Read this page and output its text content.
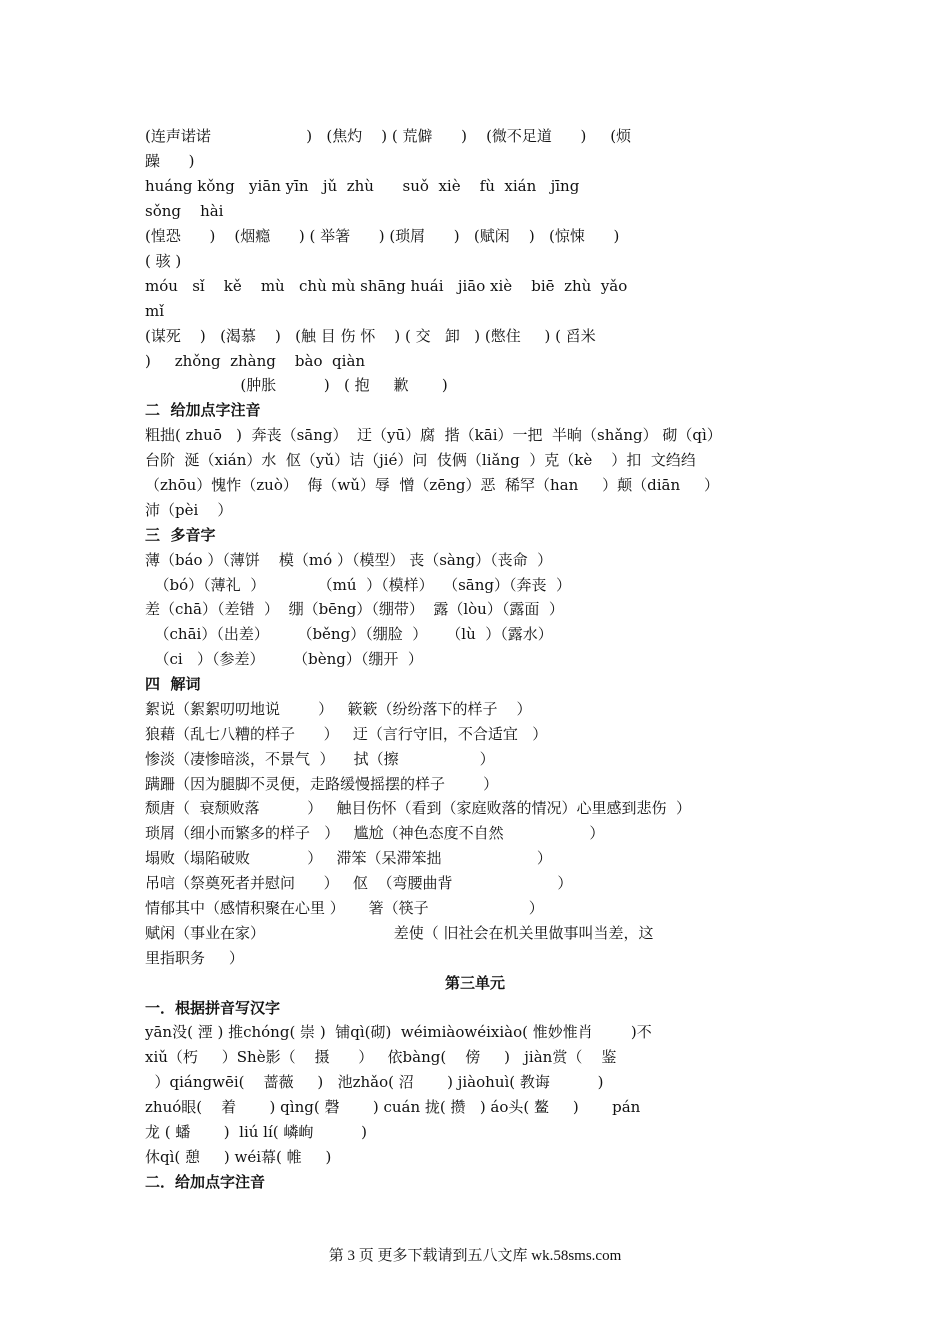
(连声诺诺                    )   (焦灼    ) ( 荒僻      )    (微不足道      )     (烦
躁      )
huáng kǒng   yiān yīn   jǔ  zhù      suǒ  xiè    fù  xián   jīng
sǒng    hài
(惶恐      )    (烟瘾      ) ( 举箸      ) (琐屑      )   (赋闲    )   (惊悚      )
( 骇 )
móu   sǐ    kě    mù   chù mù shāng huái   jiāo xiè    biē  zhù  yǎo
mǐ
(谋死    )   (渴慕    )   (触 目 伤 怀    ) ( 交   卸   ) (憋住     ) ( 舀米
)     zhǒng  zhàng    bào  qiàn
(肿胀          )   ( 抱     歉       )
二  给加点字注音
粗拙( zhuō   )  奔丧（sāng）  迂（yū）腐  揩（kāi）一把  半晌（shǎng） 砌（qì）
台阶  涎（xián）水  伛（yǔ）诘（jié）问  伎俩（liǎng  ）克（kè    ）扣  文绉绉
（zhōu）愧怍（zuò）  侮（wǔ）辱  憎（zēng）恶  稀罕（han     ）颠（diān     ）
沛（pèi    ）
三  多音字
薄（báo ）（薄饼    模（mó ）（模型） 丧（sàng）（丧命  ）
（bó）（薄礼  ）           （mú  ）（模样）  （sāng）（奔丧  ）
差（chā）（差错  ）  绷（bēng）（绷带）  露（lòu）（露面  ）
（chāi）（出差）      （běng）（绷脸  ）    （lù  ）（露水）
（ci   ）（参差）      （bèng）（绷开  ）
四  解词
絮说（絮絮叨叨地说        ）   簌簌（纷纷落下的样子    ）
狼藉（乱七八糟的样子      ）   迂（言行守旧，不合适宜   ）
惨淡（凄惨暗淡，不景气  ）    拭（擦                 ）
蹒跚（因为腿脚不灵便，走路缓慢摇摆的样子        ）
颓唐（  衰颓败落          ）   触目伤怀（看到（家庭败落的情况）心里感到悲伤  ）
琐屑（细小而繁多的样子   ）   尴尬（神色态度不自然                  ）
塌败（塌陷破败            ）   滞笨（呆滞笨拙                    ）
吊唁（祭奠死者并慰问      ）   伛  （弯腰曲背                      ）
情郁其中（感情积聚在心里 ）     箸（筷子                     ）
赋闲（事业在家）                           差使（ 旧社会在机关里做事叫当差，这
里指职务     ）
第三单元
一．根据拼音写汉字
yān没( 湮 ) 推chóng( 崇 )  铺qì(砌)  wéimiàowéixiào( 惟妙惟肖        )不
xiǔ（朽     ）Shè影（    摄      ）   依bàng(    傍     )   jiàn赏（    鉴
）qiángwēi(    蔷薇     )   池zhǎo( 沼       ) jiàohuì( 教诲          )
zhuó眼(    着       ) qìng( 磬       ) cuán 拢( 攒   ) áo头( 鳌     )       pán
龙 ( 蟠       )  liú lí( 嶙峋          )
休qì( 憩     ) wéi幕( 帷     )
二．给加点字注音
第 3 页 更多下载请到五八文库 wk.58sms.com
